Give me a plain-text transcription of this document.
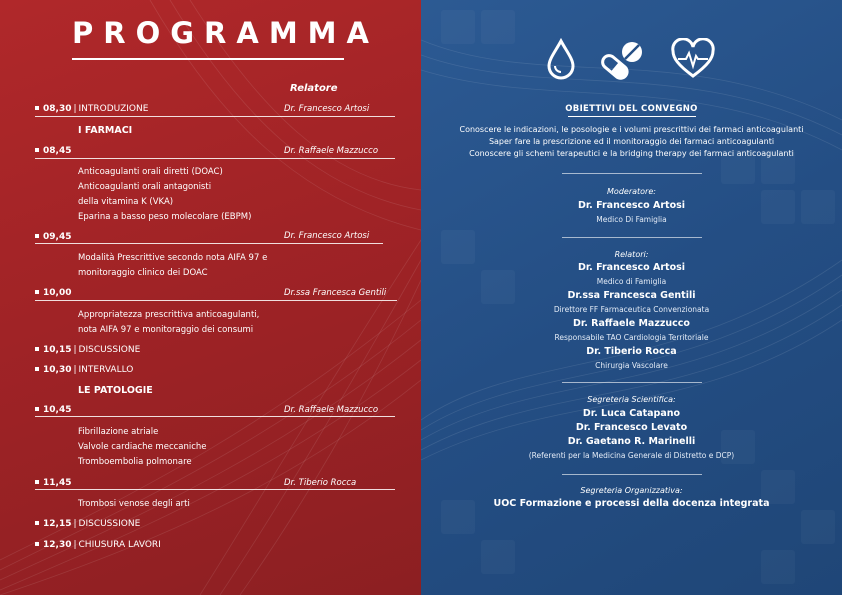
PROGRAMMA
Relatore
08,30 | INTRODUZIONE	Dr. Francesco Artosi
I FARMACI
08,45	Dr. Raffaele Mazzucco
Anticoagulanti orali diretti (DOAC)
Anticoagulanti orali antagonisti
della vitamina K (VKA)
Eparina a basso peso molecolare (EBPM)
09,45	Dr. Francesco Artosi
Modalità Prescrittive secondo nota AIFA 97 e
monitoraggio clinico dei DOAC
10,00	Dr.ssa Francesca Gentili
Appropriatezza prescrittiva anticoagulanti,
nota AIFA 97 e monitoraggio dei consumi
10,15 | DISCUSSIONE
10,30 | INTERVALLO
LE PATOLOGIE
10,45	Dr. Raffaele Mazzucco
Fibrillazione atriale
Valvole cardiache meccaniche
Tromboembolia polmonare
11,45	Dr. Tiberio Rocca
Trombosi venose degli arti
12,15 | DISCUSSIONE
12,30 | CHIUSURA LAVORI
OBIETTIVI DEL CONVEGNO
Conoscere le indicazioni, le posologie e i volumi prescrittivi dei farmaci anticoagulanti
Saper fare la prescrizione ed il monitoraggio dei farmaci anticoagulanti
Conoscere gli schemi terapeutici e la bridging therapy dei farmaci anticoagulanti
Moderatore:
Dr. Francesco Artosi
Medico Di Famiglia
Relatori:
Dr. Francesco Artosi
Medico di Famiglia
Dr.ssa Francesca Gentili
Direttore FF Farmaceutica Convenzionata
Dr. Raffaele Mazzucco
Responsabile TAO Cardiologia Territoriale
Dr. Tiberio Rocca
Chirurgia Vascolare
Segreteria Scientifica:
Dr. Luca Catapano
Dr. Francesco Levato
Dr. Gaetano R. Marinelli
(Referenti per la Medicina Generale di Distretto e DCP)
Segreteria Organizzativa:
UOC Formazione e processi della docenza integrata
